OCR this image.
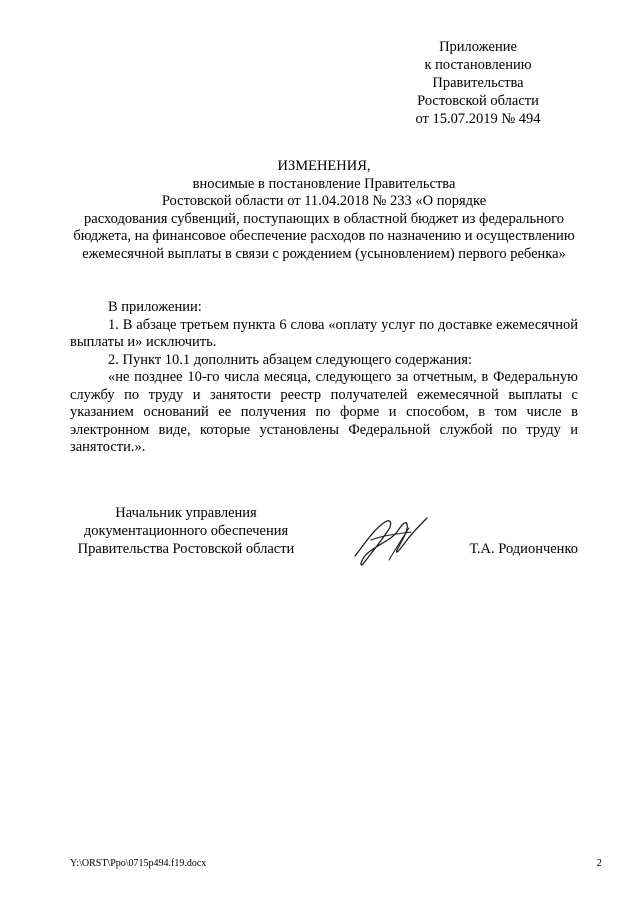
Приложение
к постановлению
Правительства
Ростовской области
от 15.07.2019 № 494
ИЗМЕНЕНИЯ,
вносимые в постановление Правительства
Ростовской области от 11.04.2018 № 233 «О порядке
расходования субвенций, поступающих в областной бюджет из федерального
бюджета, на финансовое обеспечение расходов по назначению и осуществлению
ежемесячной выплаты в связи с рождением (усыновлением) первого ребенка»

В приложении:

1. В абзаце третьем пункта 6 слова «оплату услуг по доставке ежемесячной выплаты и» исключить.

2. Пункт 10.1 дополнить абзацем следующего содержания:

«не позднее 10-го числа месяца, следующего за отчетным, в Федеральную службу по труду и занятости реестр получателей ежемесячной выплаты с указанием оснований ее получения по форме и способом, в том числе в электронном виде, которые установлены Федеральной службой по труду и занятости.».

Начальник управления
документационного обеспечения
Правительства Ростовской области	Т.А. Родионченко
Y:\ORST\Ppo\0715p494.f19.docx	2
